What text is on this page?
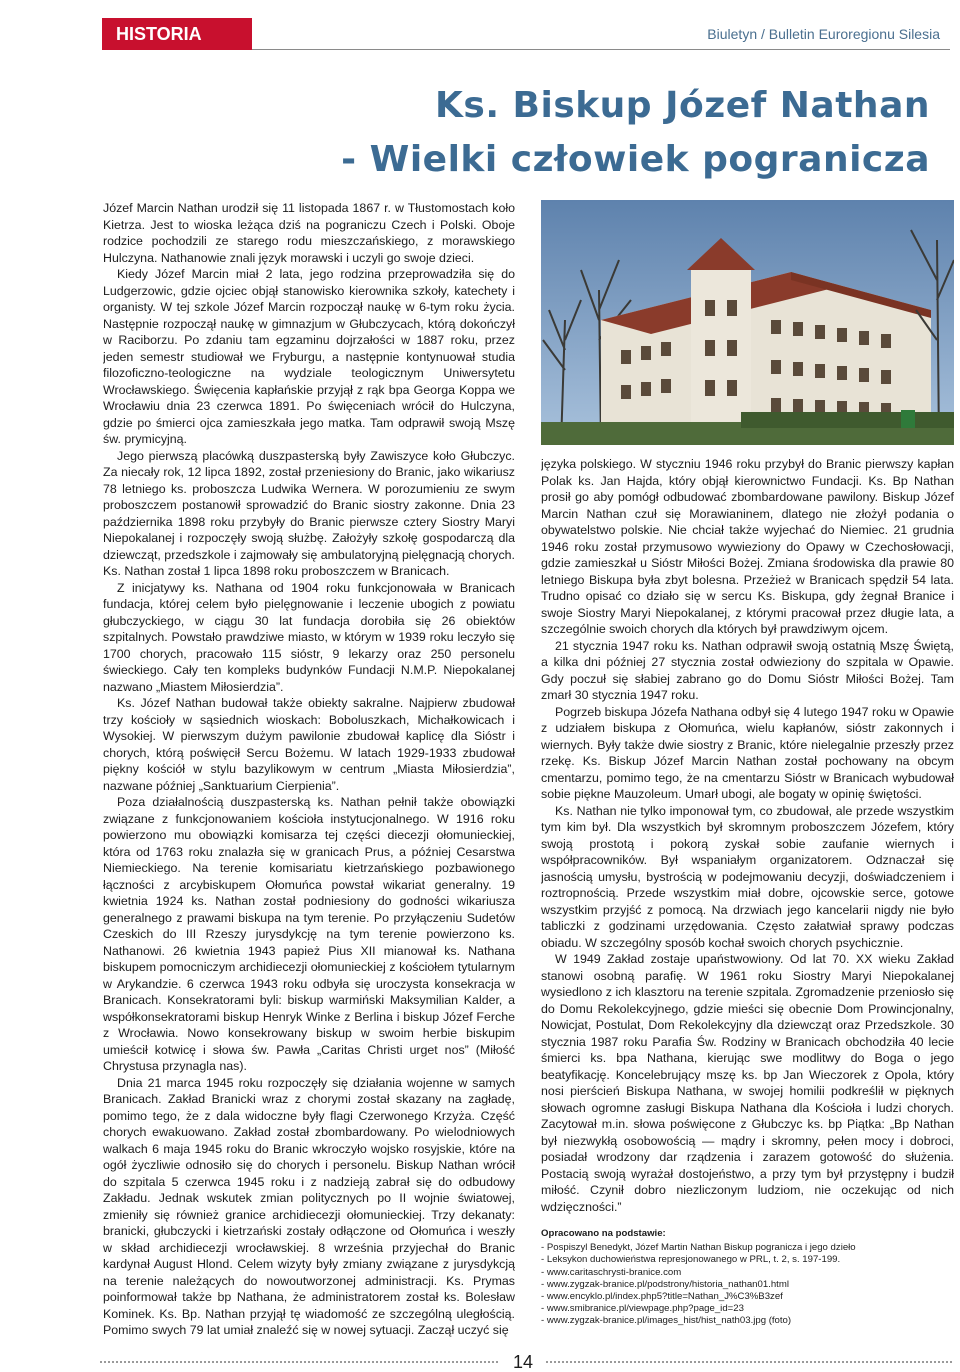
HISTORIA	Biuletyn / Bulletin Euroregionu Silesia
Ks. Biskup Józef Nathan
- Wielki człowiek pogranicza

Józef Marcin Nathan urodził się 11 listopada 1867 r. w Tłustomostach koło Kietrza. Jest to wioska leżąca dziś na pograniczu Czech i Polski. Oboje rodzice pochodzili ze starego rodu mieszczańskiego, z morawskiego Hulczyna. Nathanowie znali język morawski i uczyli go swoje dzieci.

Kiedy Józef Marcin miał 2 lata, jego rodzina przeprowadziła się do Ludgerzowic, gdzie ojciec objął stanowisko kierownika szkoły, katechety i organisty. W tej szkole Józef Marcin rozpoczął naukę w 6-tym roku życia. Następnie rozpoczął naukę w gimnazjum w Głubczycach, którą dokończył w Raciborzu. Po zdaniu tam egzaminu dojrzałości w 1887 roku, przez jeden semestr studiował we Fryburgu, a następnie kontynuował studia filozoficzno-teologiczne na wydziale teologicznym Uniwersytetu Wrocławskiego. Święcenia kapłańskie przyjął z rąk bpa Georga Koppa we Wrocławiu dnia 23 czerwca 1891. Po święceniach wrócił do Hulczyna, gdzie po śmierci ojca zamieszkała jego matka. Tam odprawił swoją Mszę św. prymicyjną.

Jego pierwszą placówką duszpasterską były Zawiszyce koło Głubczyc. Za niecały rok, 12 lipca 1892, został przeniesiony do Branic, jako wikariusz 78 letniego ks. proboszcza Ludwika Wernera. W porozumieniu ze swym proboszczem postanowił sprowadzić do Branic siostry zakonne. Dnia 23 października 1898 roku przybyły do Branic pierwsze cztery Siostry Maryi Niepokalanej i rozpoczęły swoją służbę. Założyły szkołę gospodarczą dla dziewcząt, przedszkole i zajmowały się ambulatoryjną pielęgnacją chorych. Ks. Nathan został 1 lipca 1898 roku proboszczem w Branicach.

Z inicjatywy ks. Nathana od 1904 roku funkcjonowała w Branicach fundacja, której celem było pielęgnowanie i leczenie ubogich z powiatu głubczyckiego, w ciągu 30 lat fundacja dorobiła się 26 obiektów szpitalnych. Powstało prawdziwe miasto, w którym w 1939 roku leczyło się 1700 chorych, pracowało 115 sióstr, 9 lekarzy oraz 250 personelu świeckiego. Cały ten kompleks budynków Fundacji N.M.P. Niepokalanej nazwano „Miastem Miłosierdzia”.

Ks. Józef Nathan budował także obiekty sakralne. Najpierw zbudował trzy kościoły w sąsiednich wioskach: Boboluszkach, Michałkowicach i Wysokiej. W pierwszym dużym pawilonie zbudował kaplicę dla Sióstr i chorych, którą poświęcił Sercu Bożemu. W latach 1929-1933 zbudował piękny kościół w stylu bazylikowym w centrum „Miasta Miłosierdzia”, nazwane później „Sanktuarium Cierpienia”.

Poza działalnością duszpasterską ks. Nathan pełnił także obowiązki związane z funkcjonowaniem kościoła instytucjonalnego. W 1916 roku powierzono mu obowiązki komisarza tej części diecezji ołomunieckiej, która od 1763 roku znalazła się w granicach Prus, a później Cesarstwa Niemieckiego. Na terenie komisariatu kietrzańskiego pozbawionego łączności z arcybiskupem Ołomuńca powstał wikariat generalny. 19 kwietnia 1924 ks. Nathan został podniesiony do godności wikariusza generalnego z prawami biskupa na tym terenie. Po przyłączeniu Sudetów Czeskich do III Rzeszy jurysdykcję na tym terenie powierzono ks. Nathanowi. 26 kwietnia 1943 papież Pius XII mianował ks. Nathana biskupem pomocniczym archidiecezji ołomunieckiej z kościołem tytularnym w Arykandzie. 6 czerwca 1943 roku odbyła się uroczysta konsekracja w Branicach. Konsekratorami byli: biskup warmiński Maksymilian Kalder, a współkonsekratorami biskup Henryk Winke z Berlina i biskup Józef Ferche z Wrocławia. Nowo konsekrowany biskup w swoim herbie biskupim umieścił kotwicę i słowa św. Pawła „Caritas Christi urget nos” (Miłość Chrystusa przynagla nas).

Dnia 21 marca 1945 roku rozpoczęły się działania wojenne w samych Branicach. Zakład Branicki wraz z chorymi został skazany na zagładę, pomimo tego, że z dala widoczne były flagi Czerwonego Krzyża. Część chorych ewakuowano. Zakład został zbombardowany. Po wielodniowych walkach 6 maja 1945 roku do Branic wkroczyło wojsko rosyjskie, które na ogół życzliwie odnosiło się do chorych i personelu. Biskup Nathan wrócił do szpitala 5 czerwca 1945 roku i z nadzieją zabrał się do odbudowy Zakładu. Jednak wskutek zmian politycznych po II wojnie światowej, zmieniły się również granice archidiecezji ołomunieckiej. Trzy dekanaty: branicki, głubczycki i kietrzański zostały odłączone od Ołomuńca i weszły w skład archidiecezji wrocławskiej. 8 września przyjechał do Branic kardynał August Hlond. Celem wizyty były zmiany związane z jurysdykcją na terenie należących do nowoutworzonej administracji. Ks. Prymas poinformował także bp Nathana, że administratorem został ks. Bolesław Kominek. Ks. Bp. Nathan przyjął tę wiadomość ze szczególną uległością. Pomimo swych 79 lat umiał znaleźć się w nowej sytuacji. Zaczął uczyć się

języka polskiego. W styczniu 1946 roku przybył do Branic pierwszy kapłan Polak ks. Jan Hajda, który objął kierownictwo Fundacji. Ks. Bp Nathan prosił go aby pomógł odbudować zbombardowane pawilony. Biskup Józef Marcin Nathan czuł się Morawianinem, dlatego nie złożył podania o obywatelstwo polskie. Nie chciał także wyjechać do Niemiec. 21 grudnia 1946 roku został przymusowo wywieziony do Opawy w Czechosłowacji, gdzie zamieszkał u Sióstr Miłości Bożej. Zmiana środowiska dla prawie 80 letniego Biskupa była zbyt bolesna. Przeżież w Branicach spędził 54 lata. Trudno opisać co działo się w sercu Ks. Biskupa, gdy żegnał Branice i swoje Siostry Maryi Niepokalanej, z którymi pracował przez długie lata, a szczególnie swoich chorych dla których był prawdziwym ojcem.

21 stycznia 1947 roku ks. Nathan odprawił swoją ostatnią Mszę Świętą, a kilka dni później 27 stycznia został odwieziony do szpitala w Opawie. Gdy poczuł się słabiej zabrano go do Domu Sióstr Miłości Bożej. Tam zmarł 30 stycznia 1947 roku.

Pogrzeb biskupa Józefa Nathana odbył się 4 lutego 1947 roku w Opawie z udziałem biskupa z Ołomuńca, wielu kapłanów, sióstr zakonnych i wiernych. Były także dwie siostry z Branic, które nielegalnie przeszły przez rzekę. Ks. Biskup Józef Marcin Nathan został pochowany na obcym cmentarzu, pomimo tego, że na cmentarzu Sióstr w Branicach wybudował sobie piękne Mauzoleum. Umarł ubogi, ale bogaty w opinię świętości.

Ks. Nathan nie tylko imponował tym, co zbudował, ale przede wszystkim tym kim był. Dla wszystkich był skromnym proboszczem Józefem, który swoją prostotą i pokorą zyskał sobie zaufanie wiernych i współpracowników. Był wspaniałym organizatorem. Odznaczał się jasnością umysłu, bystrością w podejmowaniu decyzji, doświadczeniem i roztropnością. Przede wszystkim miał dobre, ojcowskie serce, gotowe wszystkim przyjść z pomocą. Na drzwiach jego kancelarii nigdy nie było tabliczki z godzinami urzędowania. Często załatwiał sprawy podczas obiadu. W szczególny sposób kochał swoich chorych psychicznie.

W 1949 Zakład zostaje upaństwowiony. Od lat 70. XX wieku Zakład stanowi osobną parafię. W 1961 roku Siostry Maryi Niepokalanej wysiedlono z ich klasztoru na terenie szpitala. Zgromadzenie przeniosło się do Domu Rekolekcyjnego, gdzie mieści się obecnie Dom Prowincjonalny, Nowicjat, Postulat, Dom Rekolekcyjny dla dziewcząt oraz Przedszkole. 30 stycznia 1987 roku Parafia Św. Rodziny w Branicach obchodziła 40 lecie śmierci ks. bpa Nathana, kierując swe modlitwy do Boga o jego beatyfikację. Koncelebrujący mszę ks. bp Jan Wieczorek z Opola, który nosi pierścień Biskupa Nathana, w swojej homilii podkreślił w pięknych słowach ogromne zasługi Biskupa Nathana dla Kościoła i ludzi chorych. Zacytował m.in. słowa poświęcone z Głubczyc ks. bp Piątka: „Bp Nathan był niezwykłą osobowością — mądry i skromny, pełen mocy i dobroci, posiadał wrodzony dar rządzenia i zarazem gotowość do służenia. Postacią swoją wyrażał dostojeństwo, a przy tym był przystępny i budził miłość. Czynił dobro niezliczonym ludziom, nie oczekując od nich wdzięczności.”

Opracowano na podstawie:
- Pospiszyl Benedykt, Józef Martin Nathan Biskup pogranicza i jego dzieło
- Leksykon duchowieństwa represjonowanego w PRL, t. 2, s. 197-199.
- www.caritaschrysti-branice.com
- www.zygzak-branice.pl/podstrony/historia_nathan01.html
- www.encyklo.pl/index.php5?title=Nathan_J%C3%B3zef
- www.smibranice.pl/viewpage.php?page_id=23
- www.zygzak-branice.pl/images_hist/hist_nath03.jpg (foto)
14
